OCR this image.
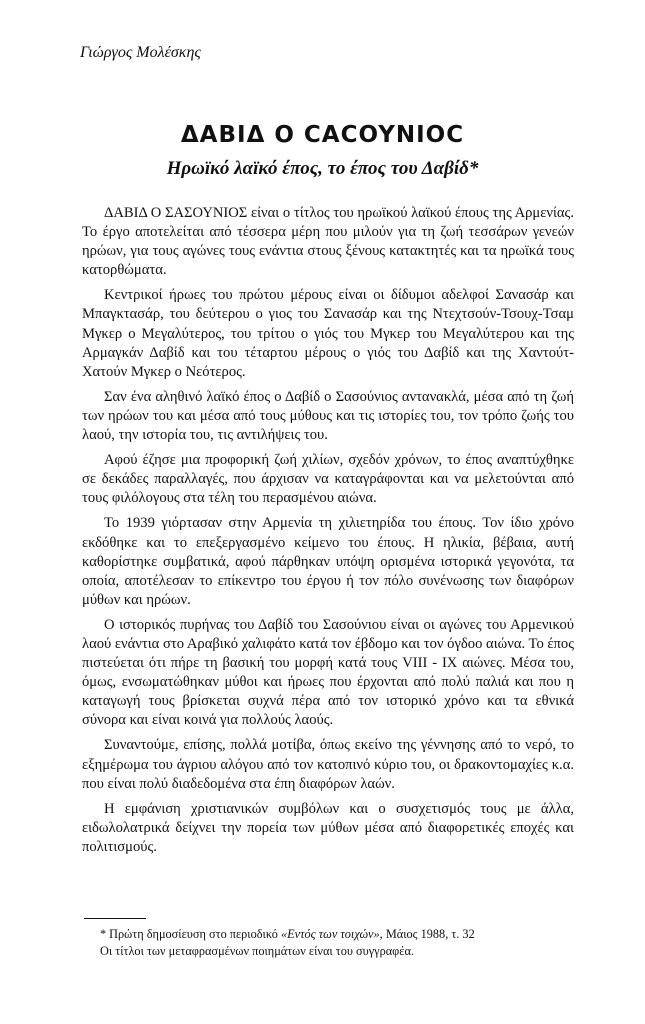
Γιώργος Μολέσκης
ΔΑΒΙΔ Ο CACOYNIOC
Ηρωϊκό λαϊκό έπος, το έπος του Δαβίδ*

ΔΑΒΙΔ Ο ΣΑΣΟΥΝΙΟΣ είναι ο τίτλος του ηρωϊκού λαϊκού έπους της Αρμενίας. Το έργο αποτελείται από τέσσερα μέρη που μιλούν για τη ζωή τεσσάρων γενεών ηρώων, για τους αγώνες τους ενάντια στους ξένους κατακτητές και τα ηρωϊκά τους κατορθώματα.

Κεντρικοί ήρωες του πρώτου μέρους είναι οι δίδυμοι αδελφοί Σανασάρ και Μπαγκτασάρ, του δεύτερου ο γιος του Σανασάρ και της Ντεχτσούν-Τσουχ-Τσαμ Μγκερ ο Μεγαλύτερος, του τρίτου ο γιός του Μγκερ του Μεγαλύτερου και της Αρμαγκάν Δαβίδ και του τέταρτου μέρους ο γιός του Δαβίδ και της Χαντούτ-Χατούν Μγκερ ο Νεότερος.

Σαν ένα αληθινό λαϊκό έπος ο Δαβίδ ο Σασούνιος αντανακλά, μέσα από τη ζωή των ηρώων του και μέσα από τους μύθους και τις ιστορίες του, τον τρόπο ζωής του λαού, την ιστορία του, τις αντιλήψεις του.

Αφού έζησε μια προφορική ζωή χιλίων, σχεδόν χρόνων, το έπος αναπτύχθηκε σε δεκάδες παραλλαγές, που άρχισαν να καταγράφονται και να μελετούνται από τους φιλόλογους στα τέλη του περασμένου αιώνα.

Το 1939 γιόρτασαν στην Αρμενία τη χιλιετηρίδα του έπους. Τον ίδιο χρόνο εκδόθηκε και το επεξεργασμένο κείμενο του έπους. Η ηλικία, βέβαια, αυτή καθορίστηκε συμβατικά, αφού πάρθηκαν υπόψη ορισμένα ιστορικά γεγονότα, τα οποία, αποτέλεσαν το επίκεντρο του έργου ή τον πόλο συνένωσης των διαφόρων μύθων και ηρώων.

Ο ιστορικός πυρήνας του Δαβίδ του Σασούνιου είναι οι αγώνες του Αρμενικού λαού ενάντια στο Αραβικό χαλιφάτο κατά τον έβδομο και τον όγδοο αιώνα. Το έπος πιστεύεται ότι πήρε τη βασική του μορφή κατά τους VIII - IX αιώνες. Μέσα του, όμως, ενσωματώθηκαν μύθοι και ήρωες που έρχονται από πολύ παλιά και που η καταγωγή τους βρίσκεται συχνά πέρα από τον ιστορικό χρόνο και τα εθνικά σύνορα και είναι κοινά για πολλούς λαούς.

Συναντούμε, επίσης, πολλά μοτίβα, όπως εκείνο της γέννησης από το νερό, το εξημέρωμα του άγριου αλόγου από τον κατοπινό κύριο του, οι δρακοντομαχίες κ.α. που είναι πολύ διαδεδομένα στα έπη διαφόρων λαών.

Η εμφάνιση χριστιανικών συμβόλων και ο συσχετισμός τους με άλλα, ειδωλολατρικά δείχνει την πορεία των μύθων μέσα από διαφορετικές εποχές και πολιτισμούς.

* Πρώτη δημοσίευση στο περιοδικό «Εντός των τοιχών», Μάιος 1988, τ. 32
Οι τίτλοι των μεταφρασμένων ποιημάτων είναι του συγγραφέα.
